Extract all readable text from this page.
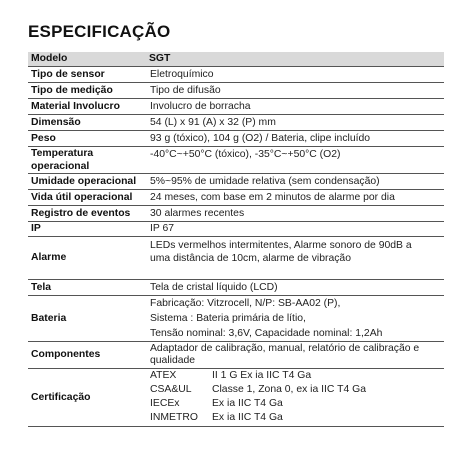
ESPECIFICAÇÃO
Modelo	SGT
Tipo de sensor	Eletroquímico
Tipo de medição	Tipo de difusão
Material Involucro	Involucro de borracha
Dimensão	54 (L) x 91 (A) x 32 (P) mm
Peso	93 g (tóxico), 104 g (O2) / Bateria, clipe incluído
Temperatura operacional	-40°C~+50°C (tóxico), -35°C~+50°C (O2)
Umidade operacional	5%~95% de umidade relativa (sem condensação)
Vida útil operacional	24 meses, com base em 2 minutos de alarme por dia
Registro de eventos	30 alarmes recentes
IP	IP 67
Alarme	LEDs vermelhos intermitentes, Alarme sonoro de 90dB a
uma distância de 10cm, alarme de vibração

Tela	Tela de cristal líquido (LCD)
Bateria	Fabricação: Vitzrocell, N/P: SB-AA02 (P),
Sistema : Bateria primária de lítio,
Tensão nominal: 3,6V, Capacidade nominal: 1,2Ah

Componentes	Adaptador de calibração, manual, relatório de calibração e
qualidade

Certificação	ATEX II 1 G Ex ia IIC T4 Ga
CSA&UL Classe 1, Zona 0, ex ia IIC T4 Ga
IECEx Ex ia IIC T4 Ga
INMETRO Ex ia IIC T4 Ga
